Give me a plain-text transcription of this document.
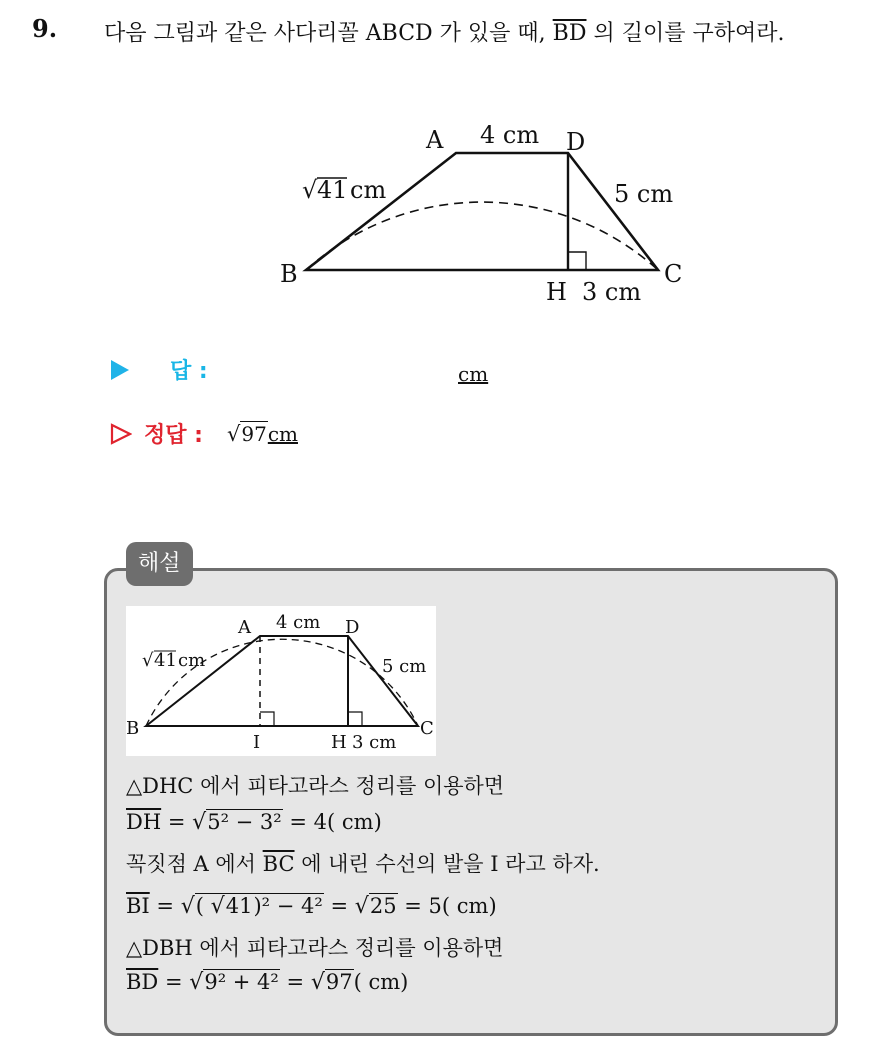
9. 다음 그림과 같은 사다리꼴 ABCD 가 있을 때, $\overline{BD}$ 의 길이를 구하여라.
A
B	C
D
H
4 cm
5 cm
3 cm
√ 41 cm
답 :	cm
정답 : √97cm
해설
A
B	C
D
H
I
4 cm
5 cm
3 cm
√ 41 cm
△DHC 에서 피타고라스 정리를 이용하면
$\overline{DH} = √5^2 - 3^2 = 4$( cm)
꼭짓점 A 에서 $\overline{BC}$ 에 내린 수선의 발을 I 라고 하자.
$\overline{BI}$ = √( √41)² − 4² = √25 = 5( cm)
△DBH 에서 피타고라스 정리를 이용하면
$\overline{BD} = √9^2 + 4^2 = √97$( cm)
